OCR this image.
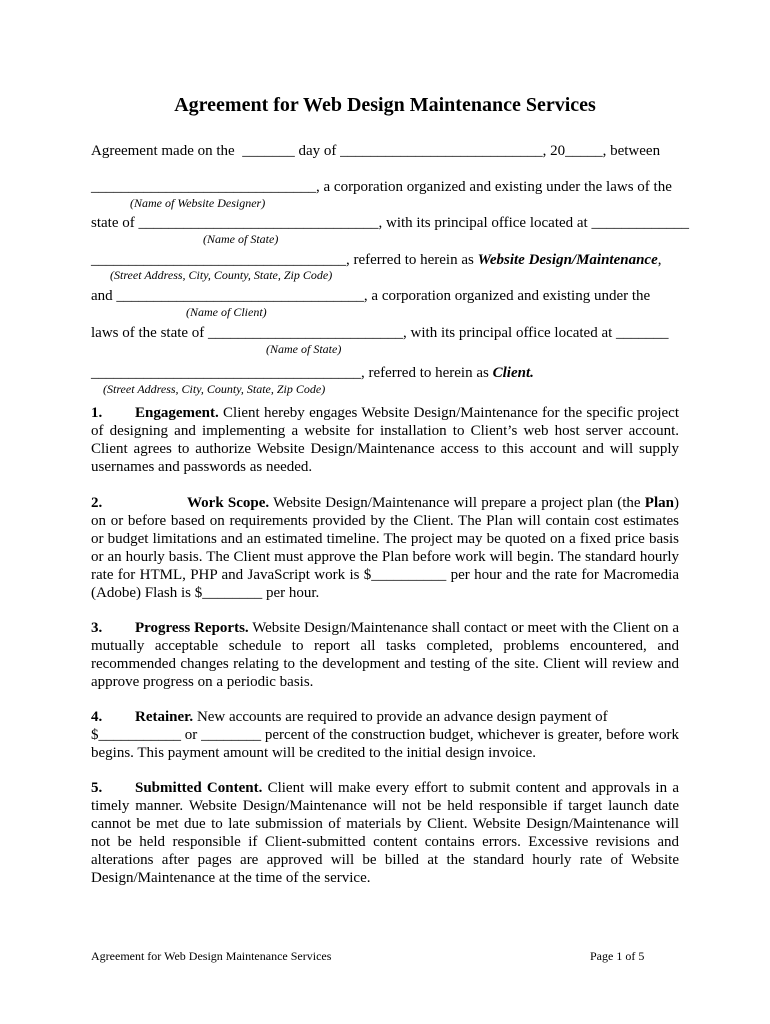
Agreement for Web Design Maintenance Services
Agreement made on the  _______ day of ___________________________, 20_____, between
______________________________, a corporation organized and existing under the laws of the
(Name of Website Designer)
state of ________________________________, with its principal office located at _____________
(Name of State)
__________________________________, referred to herein as Website Design/Maintenance,
(Street Address, City, County, State, Zip Code)
and _________________________________, a corporation organized and existing under the
(Name of Client)
laws of the state of __________________________, with its principal office located at _______
(Name of State)
____________________________________, referred to herein as Client.
(Street Address, City, County, State, Zip Code)
1. Engagement. Client hereby engages Website Design/Maintenance for the specific project of designing and implementing a website for installation to Client’s web host server account. Client agrees to authorize Website Design/Maintenance access to this account and will supply usernames and passwords as needed.
2.	Work Scope. Website Design/Maintenance will prepare a project plan (the Plan) on or before based on requirements provided by the Client. The Plan will contain cost estimates or budget limitations and an estimated timeline. The project may be quoted on a fixed price basis or an hourly basis. The Client must approve the Plan before work will begin. The standard hourly rate for HTML, PHP and JavaScript work is $__________ per hour and the rate for Macromedia (Adobe) Flash is $________ per hour.
3. Progress Reports. Website Design/Maintenance shall contact or meet with the Client on a mutually acceptable schedule to report all tasks completed, problems encountered, and recommended changes relating to the development and testing of the site. Client will review and approve progress on a periodic basis.
4. Retainer. New accounts are required to provide an advance design payment of
$___________ or ________ percent of the construction budget, whichever is greater, before work begins. This payment amount will be credited to the initial design invoice.
5. Submitted Content. Client will make every effort to submit content and approvals in a timely manner. Website Design/Maintenance will not be held responsible if target launch date cannot be met due to late submission of materials by Client. Website Design/Maintenance will not be held responsible if Client-submitted content contains errors. Excessive revisions and alterations after pages are approved will be billed at the standard hourly rate of Website Design/Maintenance at the time of the service.
Agreement for Web Design Maintenance Services	Page 1 of 5
